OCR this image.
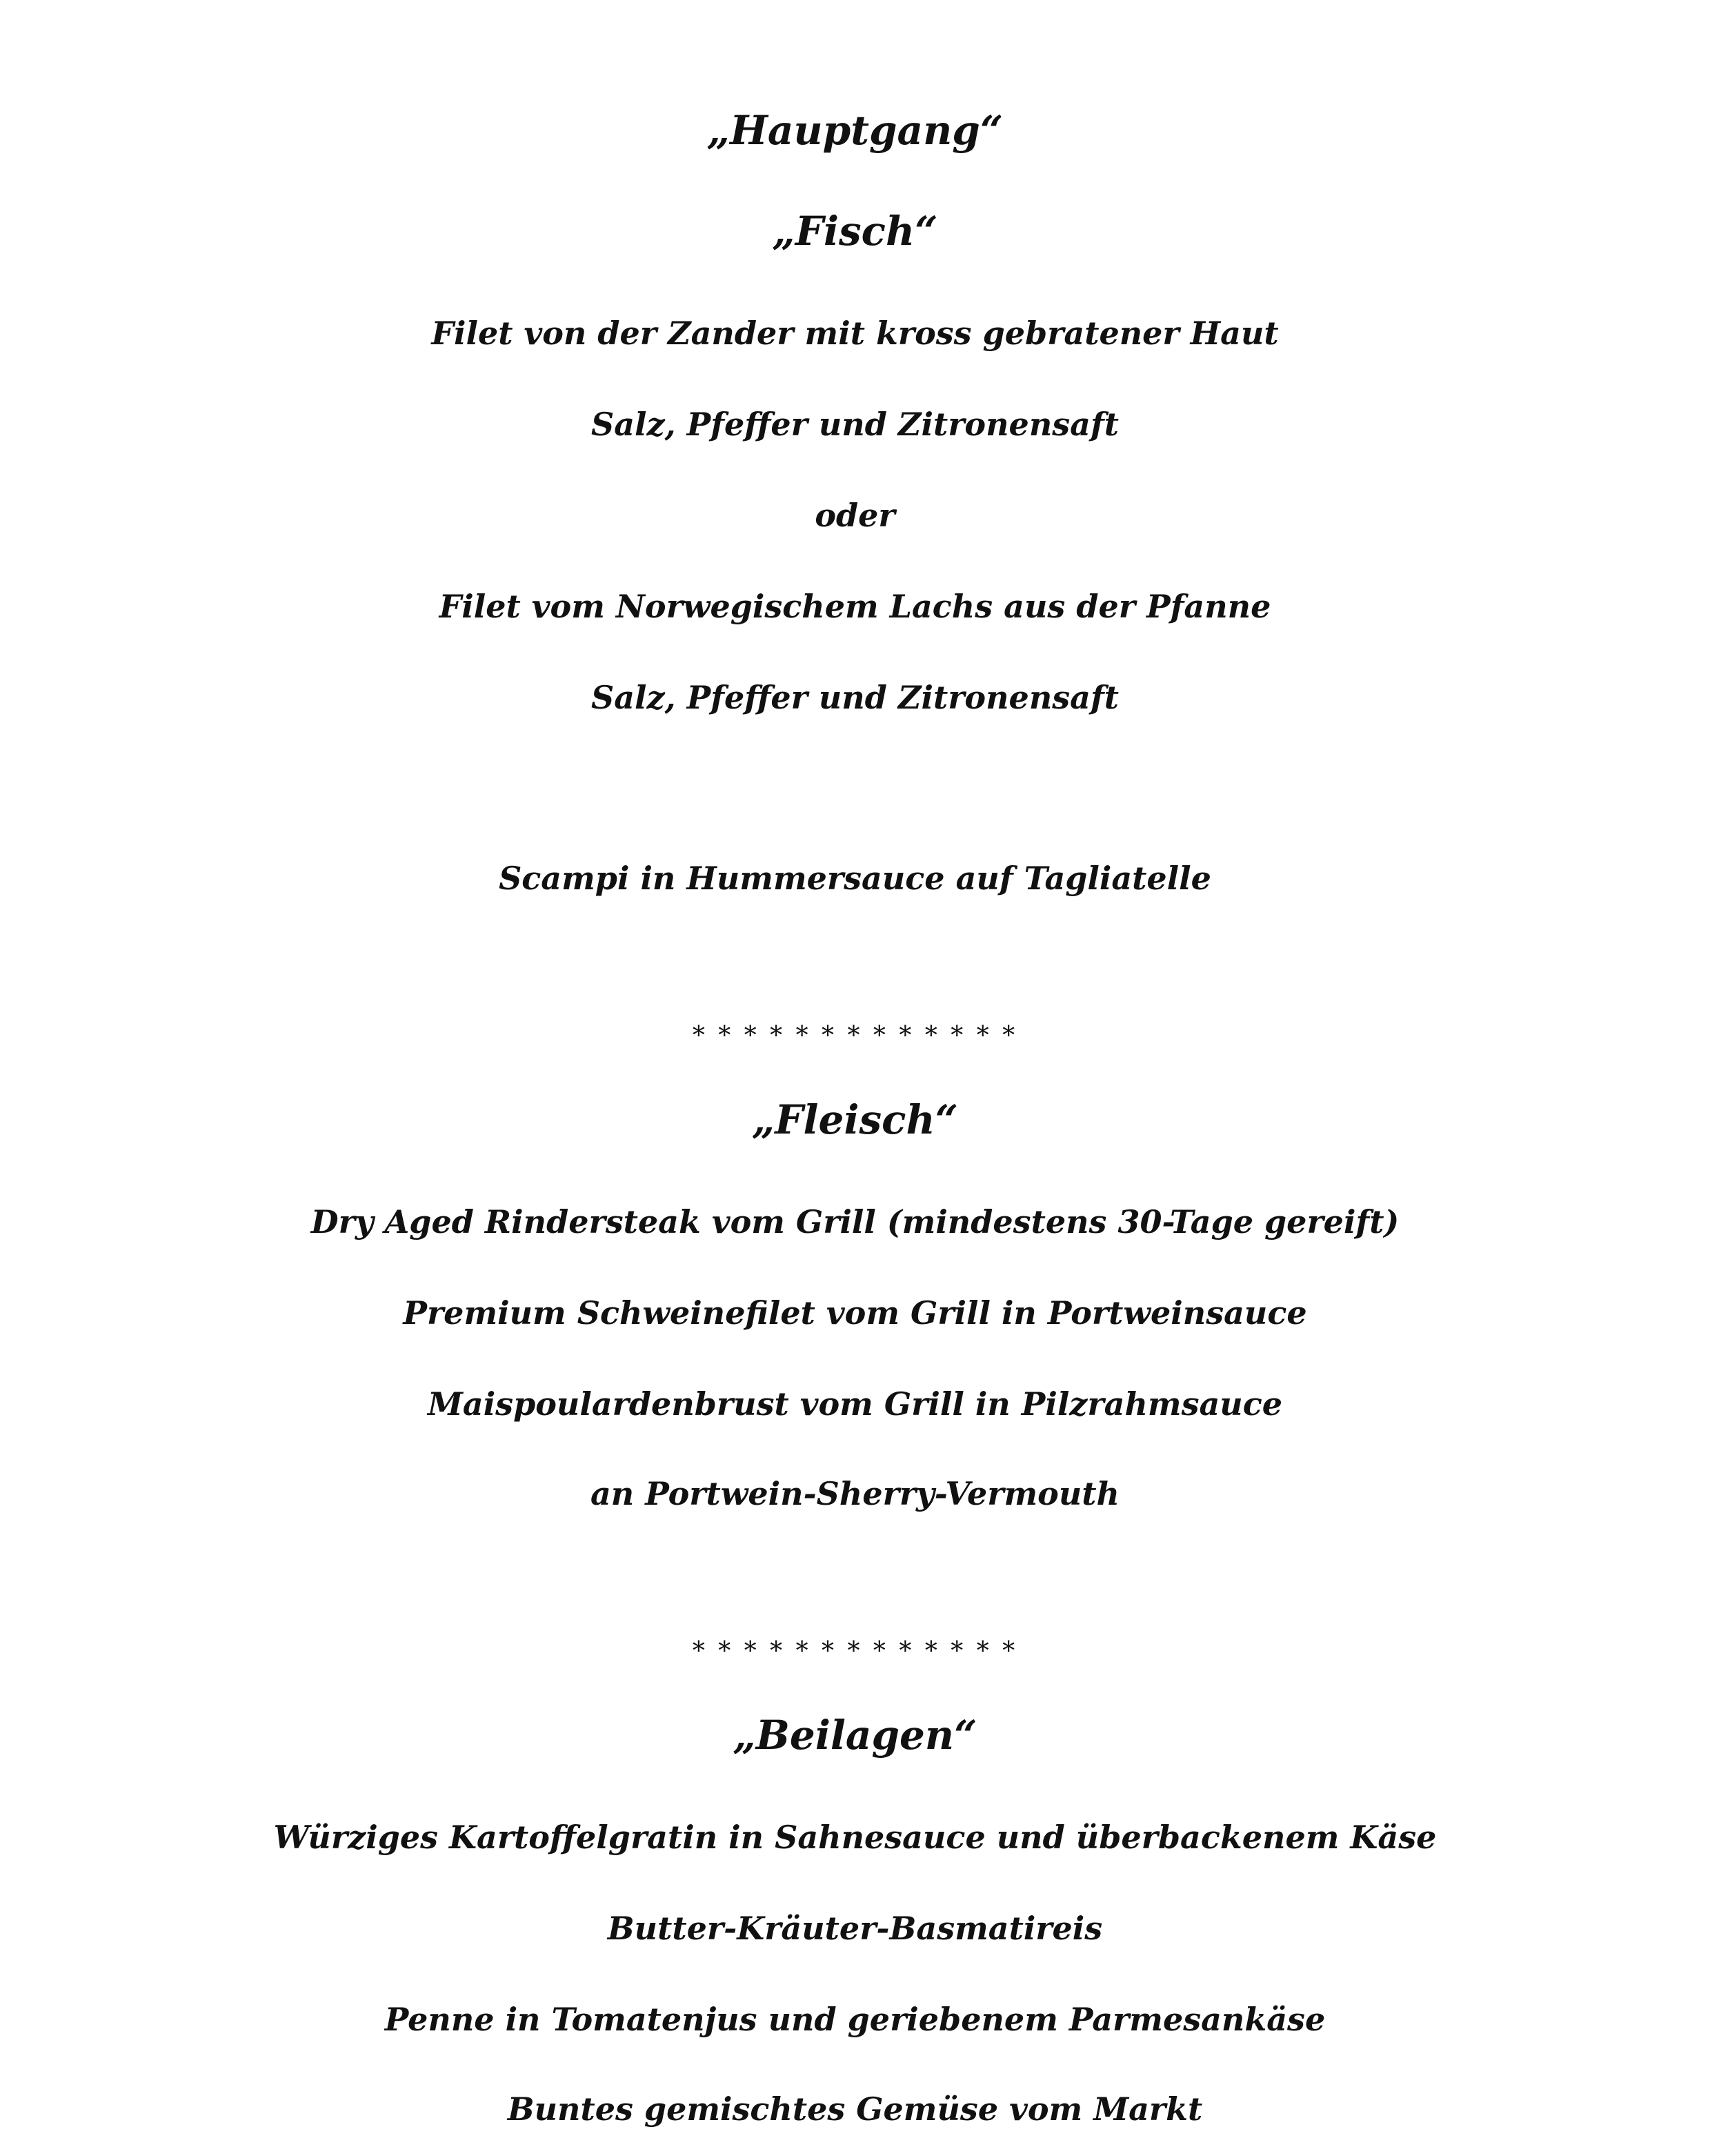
„Hauptgang“
„Fisch“
Filet von der Zander mit kross gebratener Haut
Salz, Pfeffer und Zitronensaft
oder
Filet vom Norwegischem Lachs aus der Pfanne
Salz, Pfeffer und Zitronensaft
Scampi in Hummersauce auf Tagliatelle
* * * * * * * * * * * * *
„Fleisch“
Dry Aged Rindersteak vom Grill (mindestens 30-Tage gereift)
Premium Schweinefilet vom Grill in Portweinsauce
Maispoulardenbrust vom Grill in Pilzrahmsauce
an Portwein-Sherry-Vermouth
* * * * * * * * * * * * *
„Beilagen“
Würziges Kartoffelgratin in Sahnesauce und überbackenem Käse
Butter-Kräuter-Basmatireis
Penne in Tomatenjus und geriebenem Parmesankäse
Buntes gemischtes Gemüse vom Markt
